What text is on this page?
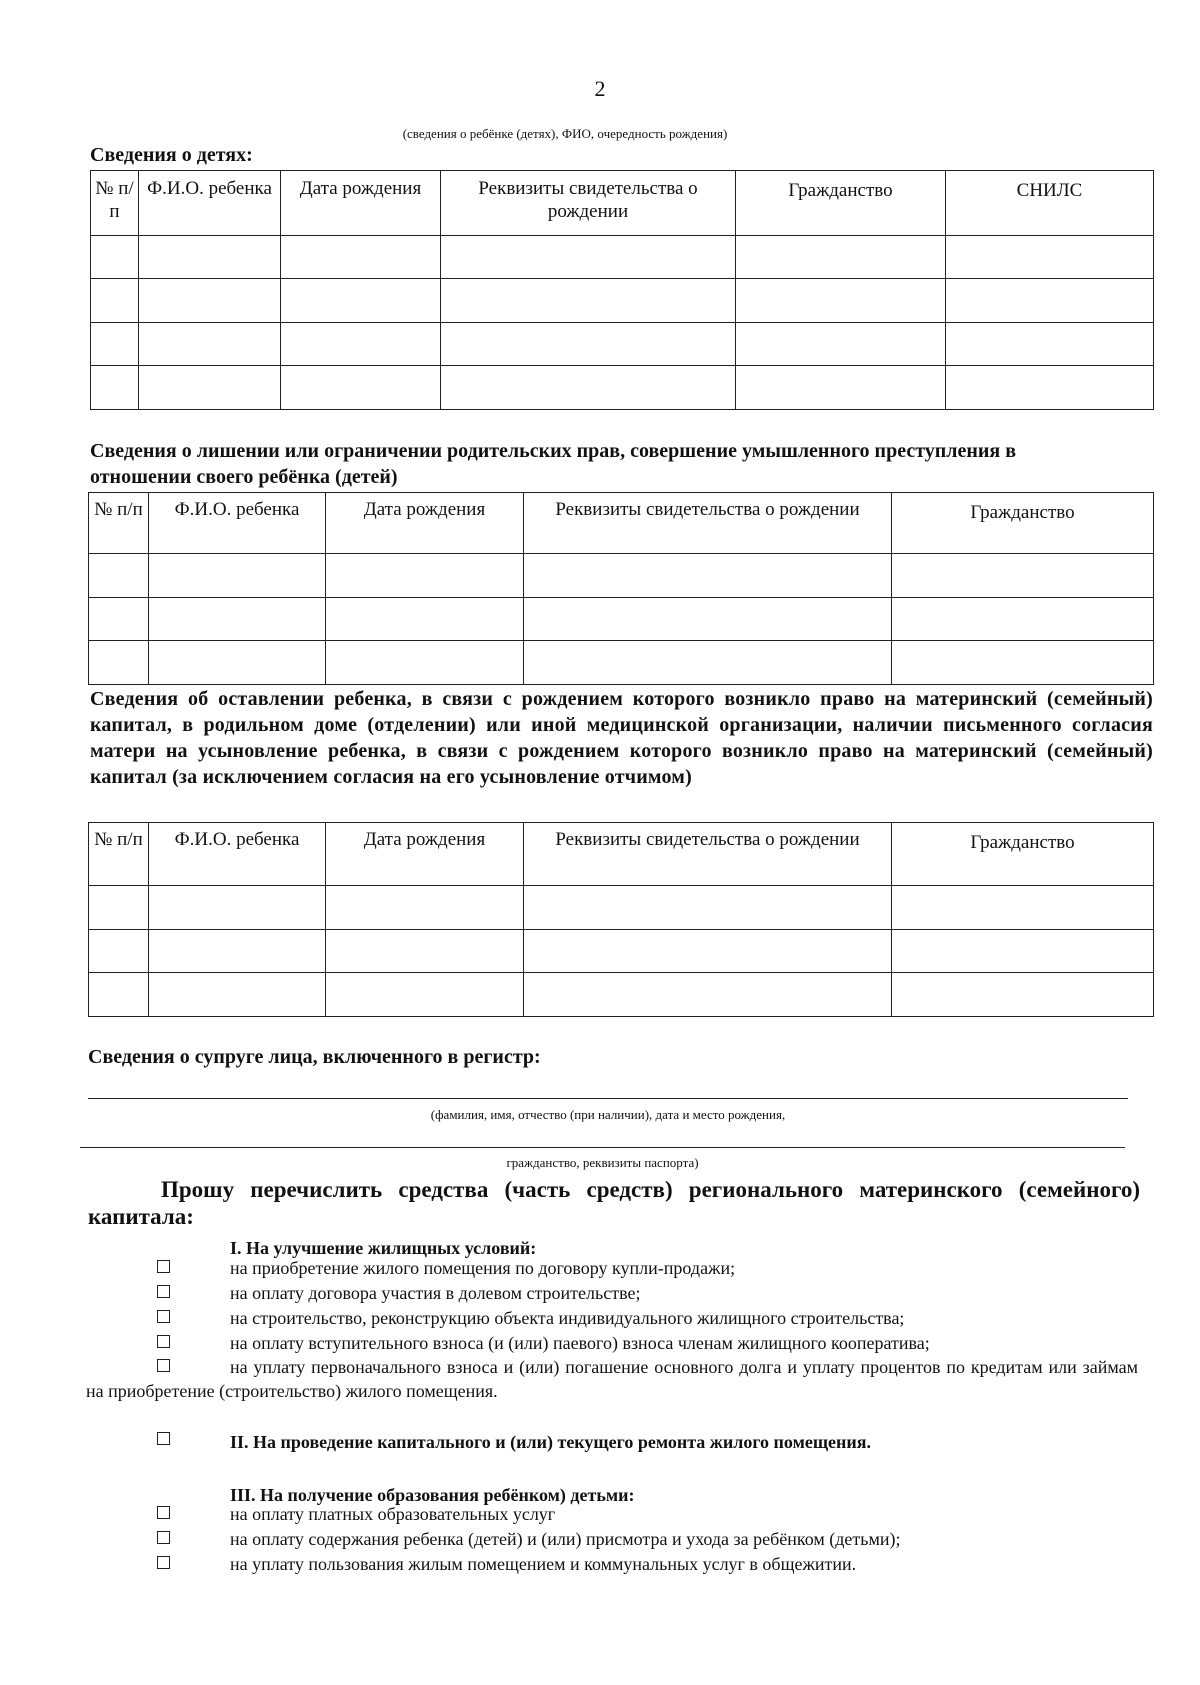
2
(сведения о ребёнке (детях), ФИО, очередность рождения)
Сведения о детях:
№ п/п	Ф.И.О. ребенка	Дата рождения	Реквизиты свидетельства о рождении	Гражданство	СНИЛС

Сведения о лишении или ограничении родительских прав, совершение умышленного преступления в отношении своего ребёнка (детей)
№ п/п	Ф.И.О. ребенка	Дата рождения	Реквизиты свидетельства о рождении	Гражданство

Сведения об оставлении ребенка, в связи с рождением которого возникло право на материнский (семейный) капитал, в родильном доме (отделении) или иной медицинской организации, наличии письменного согласия матери на усыновление ребенка, в связи с рождением которого возникло право на материнский (семейный) капитал (за исключением согласия на его усыновление отчимом)
№ п/п	Ф.И.О. ребенка	Дата рождения	Реквизиты свидетельства о рождении	Гражданство

Сведения о супруге лица, включенного в регистр:
(фамилия, имя, отчество (при наличии), дата и место рождения,
гражданство, реквизиты паспорта)
Прошу перечислить средства (часть средств) регионального материнского (семейного) капитала:
I. На улучшение жилищных условий:
на приобретение жилого помещения по договору купли-продажи;
на оплату договора участия в долевом строительстве;
на строительство, реконструкцию объекта индивидуального жилищного строительства;
на оплату вступительного взноса (и (или) паевого) взноса членам жилищного кооператива;
на уплату первоначального взноса и (или) погашение основного долга и уплату процентов по кредитам или займам на приобретение (строительство) жилого помещения.
II. На проведение капитального и (или) текущего ремонта жилого помещения.
III. На получение образования ребёнком) детьми:
на оплату платных образовательных услуг
на оплату содержания ребенка (детей) и (или) присмотра и ухода за ребёнком (детьми);
на уплату пользования жилым помещением и коммунальных услуг в общежитии.
